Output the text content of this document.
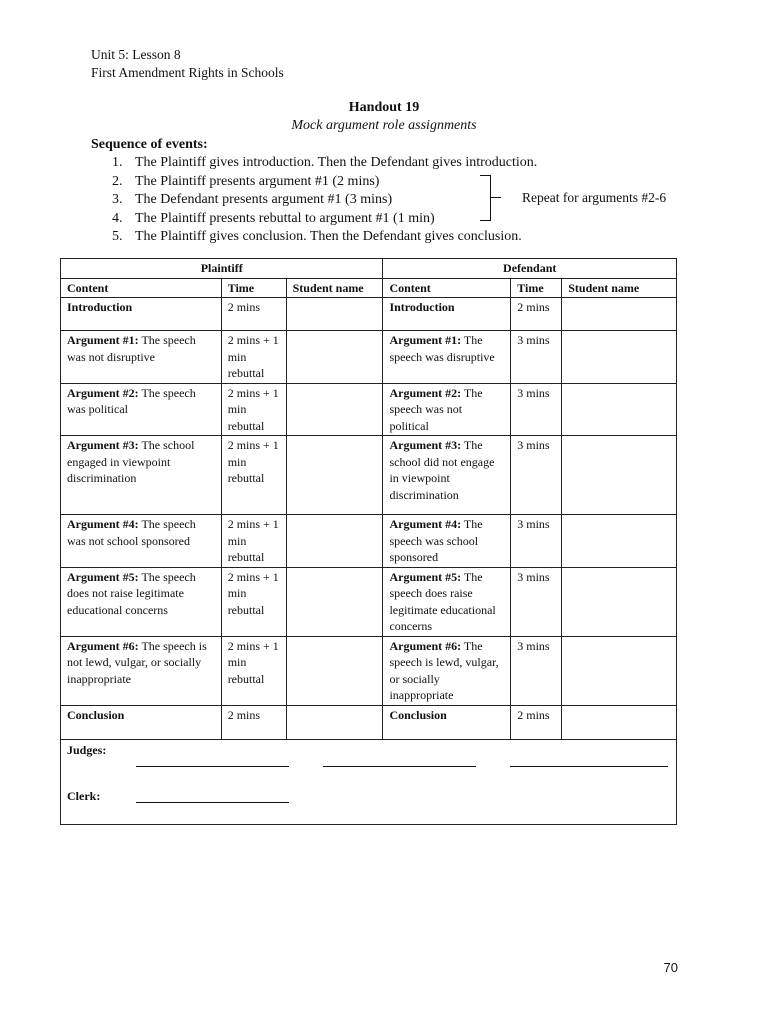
Unit 5: Lesson 8
First Amendment Rights in Schools
Handout 19
Mock argument role assignments
Sequence of events:
1. The Plaintiff gives introduction. Then the Defendant gives introduction.
2. The Plaintiff presents argument #1 (2 mins)
3. The Defendant presents argument #1 (3 mins)
4. The Plaintiff presents rebuttal to argument #1 (1 min)
5. The Plaintiff gives conclusion. Then the Defendant gives conclusion.
Repeat for arguments #2-6
Plaintiff			Defendant		
Content	Time	Student name	Content	Time	Student name
Introduction	2 mins		Introduction	2 mins	
Argument #1: The speech was not disruptive	2 mins + 1 min rebuttal		Argument #1: The speech was disruptive	3 mins	
Argument #2: The speech was political	2 mins + 1 min rebuttal		Argument #2: The speech was not political	3 mins	
Argument #3: The school engaged in viewpoint discrimination	2 mins + 1 min rebuttal		Argument #3: The school did not engage in viewpoint discrimination	3 mins	
Argument #4: The speech was not school sponsored	2 mins + 1 min rebuttal		Argument #4: The speech was school sponsored	3 mins	
Argument #5: The speech does not raise legitimate educational concerns	2 mins + 1 min rebuttal		Argument #5: The speech does raise legitimate educational concerns	3 mins	
Argument #6: The speech is not lewd, vulgar, or socially inappropriate	2 mins + 1 min rebuttal		Argument #6: The speech is lewd, vulgar, or socially inappropriate	3 mins	
Conclusion	2 mins		Conclusion	2 mins	

Judges:
Clerk:					
70
